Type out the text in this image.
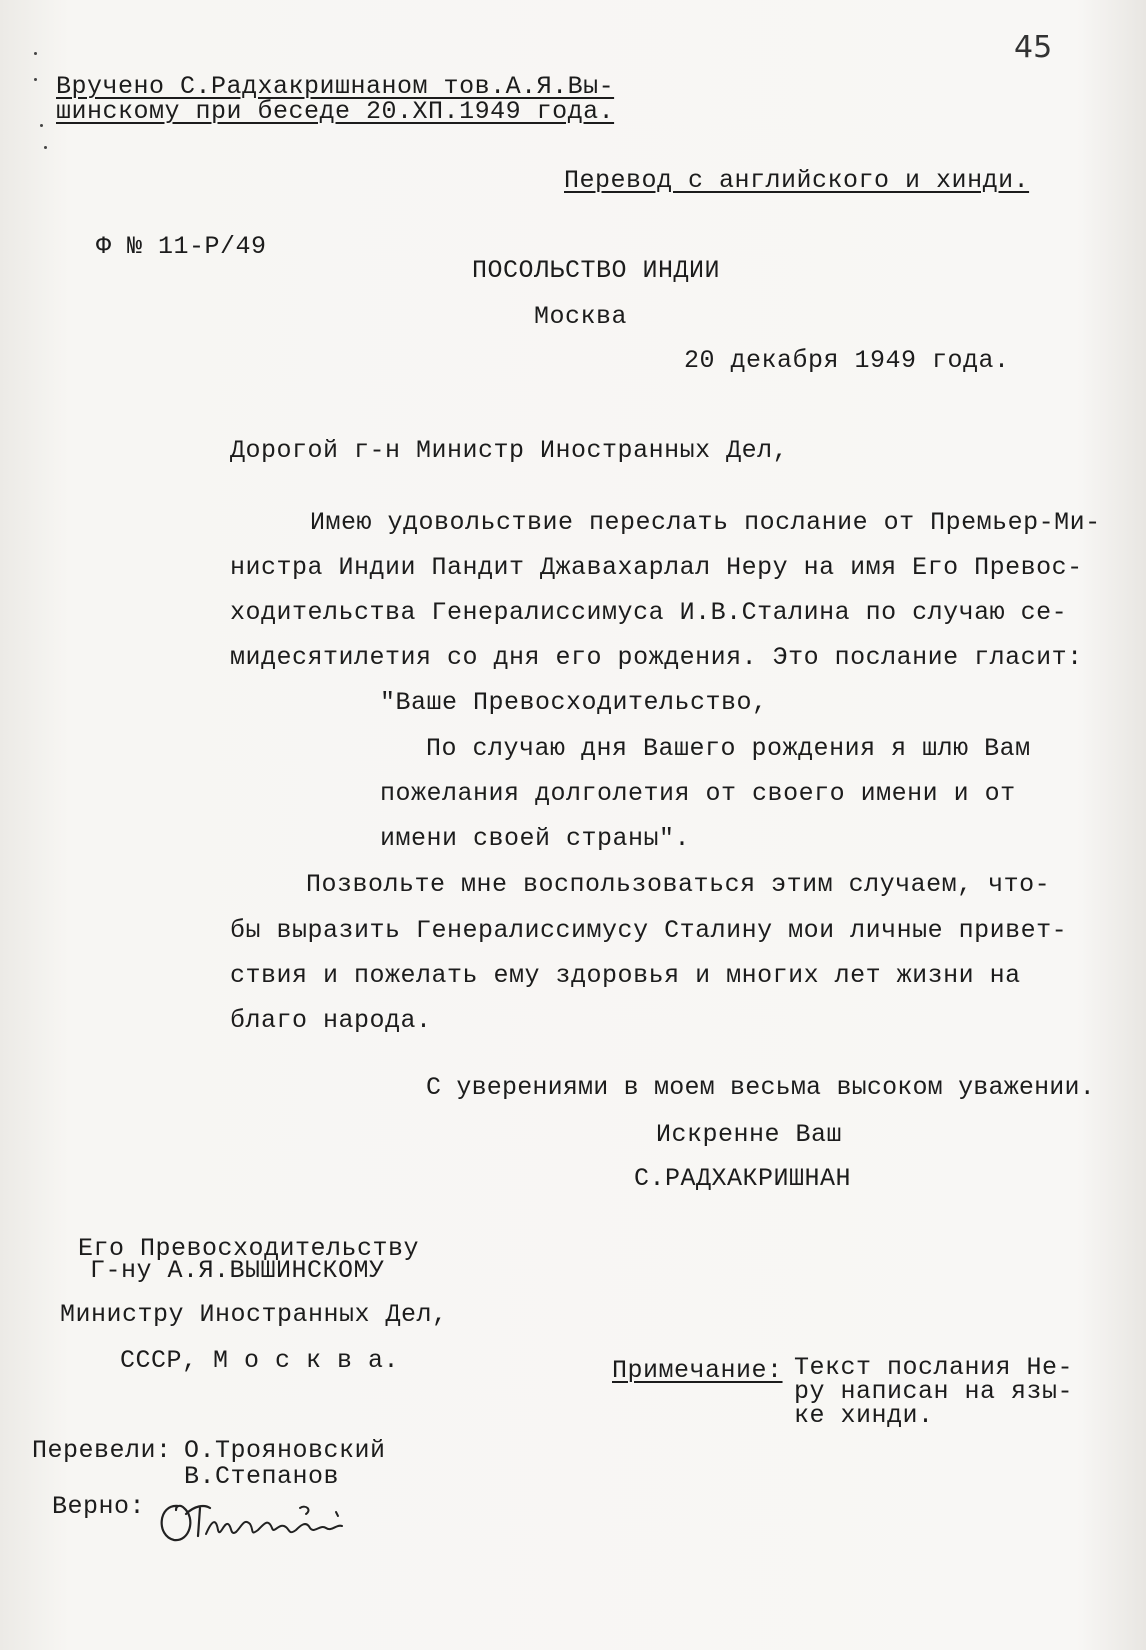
45
Вручено С.Радхакришнаном тов.А.Я.Вы-
шинскому при беседе 20.ХП.1949 года.
Перевод с английского и хинди.
Ф № 11-Р/49
ПОСОЛЬСТВО ИНДИИ
Москва
20 декабря 1949 года.
Дорогой г-н Министр Иностранных Дел,
Имею удовольствие переслать послание от Премьер-Ми-
нистра Индии Пандит Джавахарлал Неру на имя Его Превос-
ходительства Генералиссимуса И.В.Сталина по случаю се-
мидесятилетия со дня его рождения. Это послание гласит:
"Ваше Превосходительство,
По случаю дня Вашего рождения я шлю Вам
пожелания долголетия от своего имени и от
имени своей страны".
Позвольте мне воспользоваться этим случаем, что-
бы выразить Генералиссимусу Сталину мои личные привет-
ствия и пожелать ему здоровья и многих лет жизни на
благо народа.
С уверениями в моем весьма высоком уважении.
Искренне Ваш
С.РАДХАКРИШНАН
Его Превосходительству
Г-ну А.Я.ВЫШИНСКОМУ
Министру Иностранных Дел,
СССР, М о с к в а.	Примечание: Текст послания Не-
ру написан на язы-
ке хинди.
Перевели: О.Трояновский
В.Степанов
Верно:
